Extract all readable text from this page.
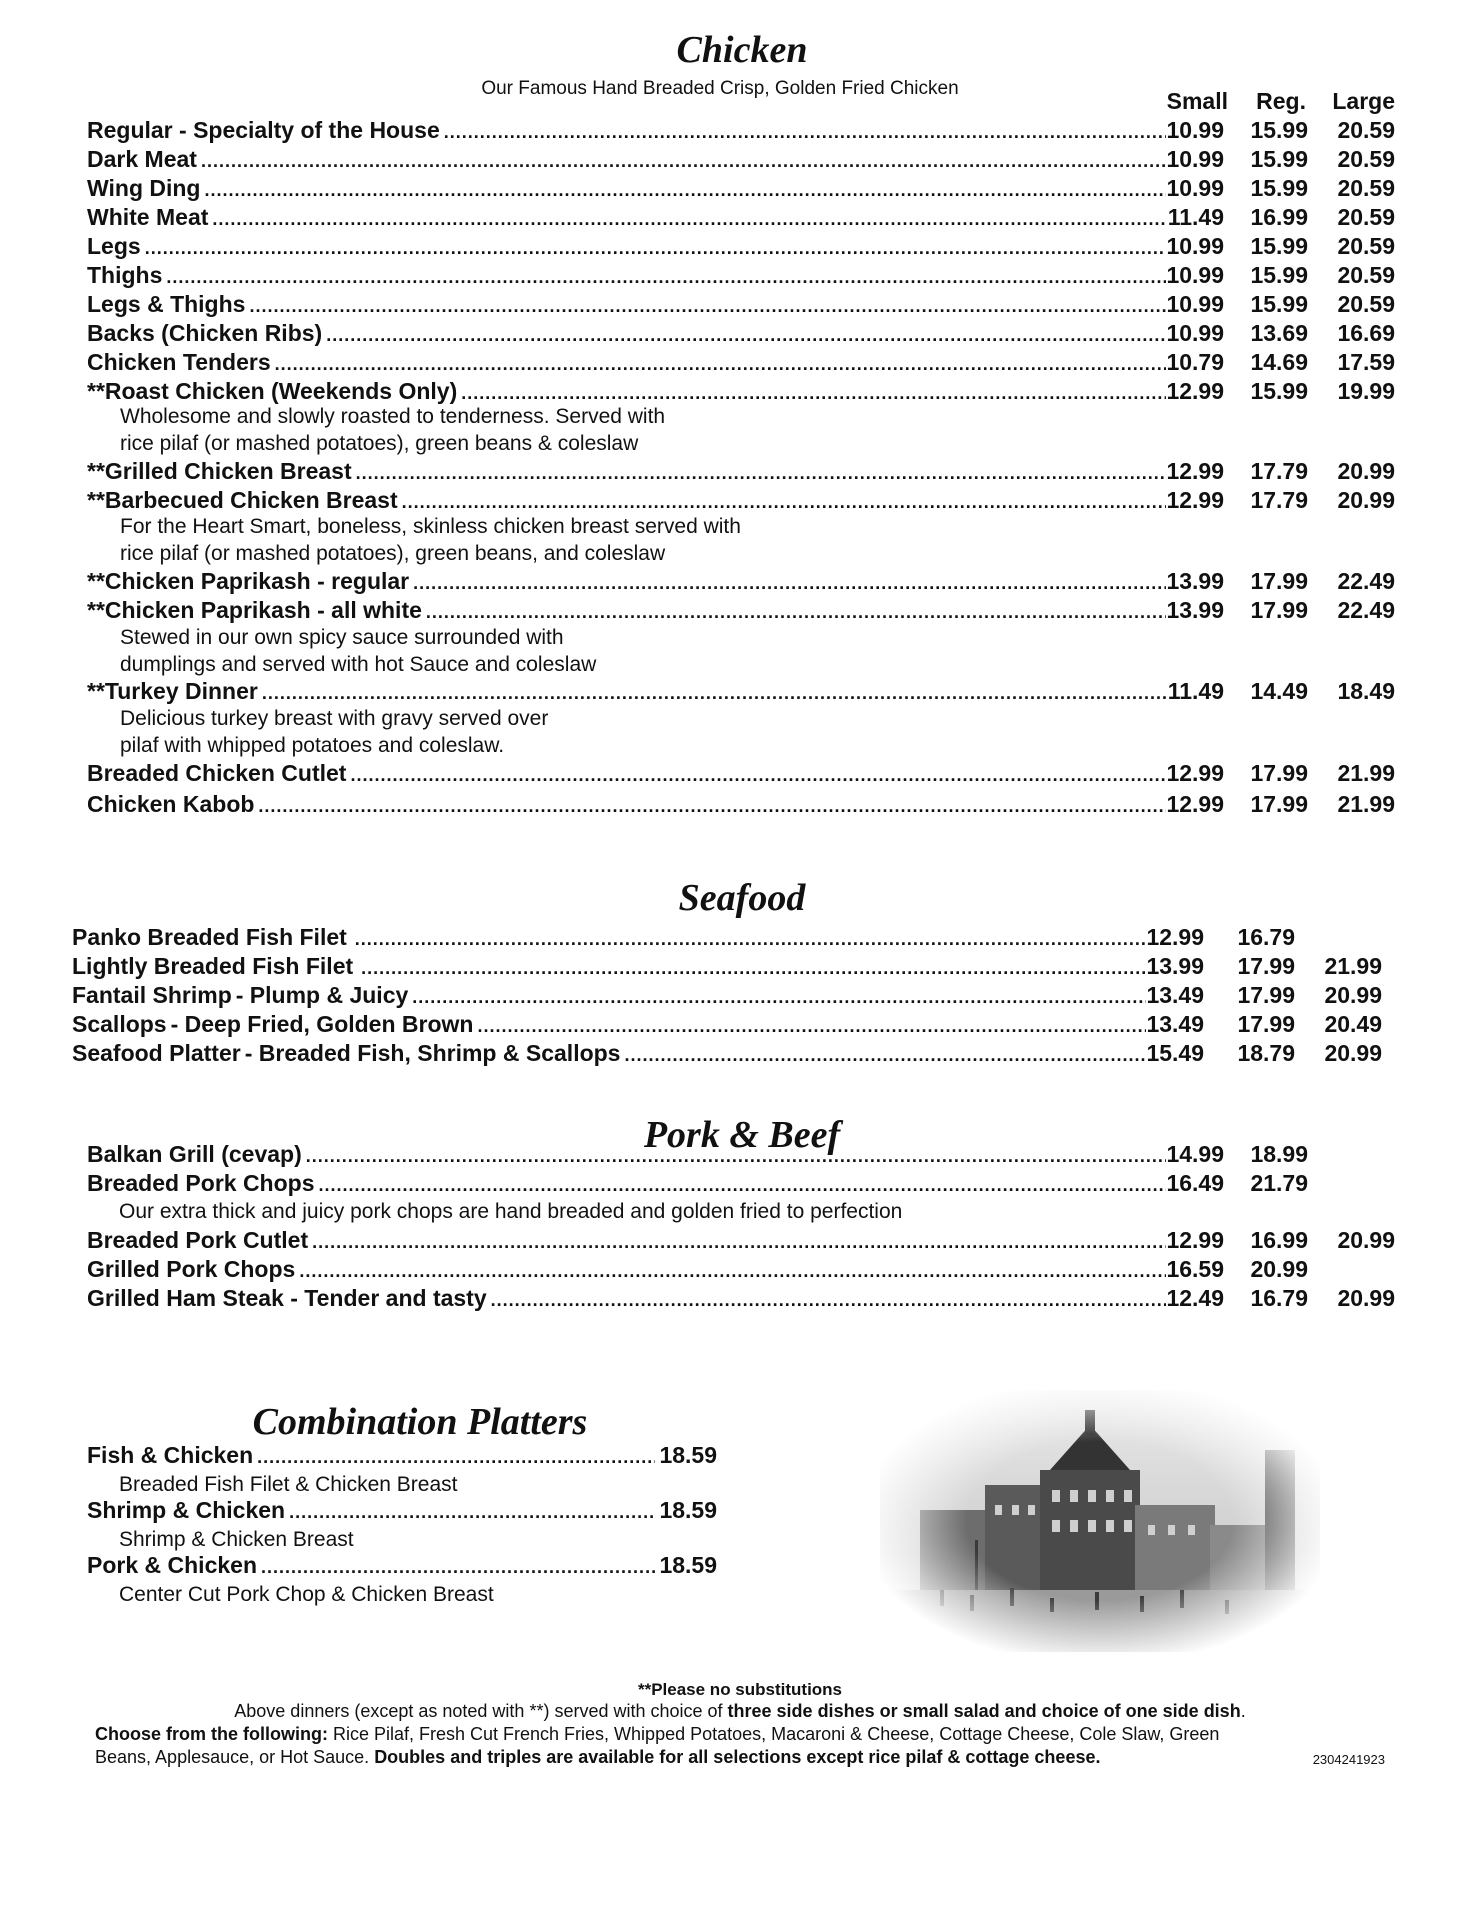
Chicken
Our Famous Hand Breaded Crisp, Golden Fried Chicken	Small	Reg.	Large
Regular - Specialty of the House .....	10.99	15.99	20.59
Dark Meat .....	10.99	15.99	20.59
Wing Ding .....	10.99	15.99	20.59
White Meat .....	11.49	16.99	20.59
Legs .....	10.99	15.99	20.59
Thighs .....	10.99	15.99	20.59
Legs & Thighs .....	10.99	15.99	20.59
Backs (Chicken Ribs) .....	10.99	13.69	16.69
Chicken Tenders .....	10.79	14.69	17.59
**Roast Chicken (Weekends Only) .....	12.99	15.99	19.99
**Grilled Chicken Breast .....	12.99	17.79	20.99
**Barbecued Chicken Breast .....	12.99	17.79	20.99
**Chicken Paprikash - regular .....	13.99	17.99	22.49
**Chicken Paprikash - all white .....	13.99	17.99	22.49
**Turkey Dinner .....	11.49	14.49	18.49
Breaded Chicken Cutlet .....	12.99	17.99	21.99
Chicken Kabob .....	12.99	17.99	21.99
Wholesome and slowly roasted to tenderness. Served with
rice pilaf (or mashed potatoes), green beans & coleslaw
For the Heart Smart, boneless, skinless chicken breast served with
rice pilaf (or mashed potatoes), green beans, and coleslaw
Stewed in our own spicy sauce surrounded with
dumplings and served with hot Sauce and coleslaw
Delicious turkey breast with gravy served over
pilaf with whipped potatoes and coleslaw.
Seafood
Panko Breaded Fish Filet .....	12.99	16.79
Lightly Breaded Fish Filet .....	13.99	17.99	21.99
Fantail Shrimp - Plump & Juicy .....	13.49	17.99	20.99
Scallops - Deep Fried, Golden Brown .....	13.49	17.99	20.49
Seafood Platter - Breaded Fish, Shrimp & Scallops .....	15.49	18.79	20.99
Pork & Beef
Balkan Grill (cevap) .....	14.99	18.99
Breaded Pork Chops .....	16.49	21.79
Breaded Pork Cutlet .....	12.99	16.99	20.99
Grilled Pork Chops .....	16.59	20.99
Grilled Ham Steak - Tender and tasty .....	12.49	16.79	20.99
Our extra thick and juicy pork chops are hand breaded and golden fried to perfection
Combination Platters
Fish & Chicken .....	18.59
Breaded Fish Filet & Chicken Breast
Shrimp & Chicken .....	18.59
Shrimp & Chicken Breast
Pork & Chicken .....	18.59
Center Cut Pork Chop & Chicken Breast
**Please no substitutions
Above dinners (except as noted with **) served with choice of three side dishes or small salad and choice of one side dish.
Choose from the following: Rice Pilaf, Fresh Cut French Fries, Whipped Potatoes, Macaroni & Cheese, Cottage Cheese, Cole Slaw, Green
Beans, Applesauce, or Hot Sauce. Doubles and triples are available for all selections except rice pilaf & cottage cheese.	2304241923
